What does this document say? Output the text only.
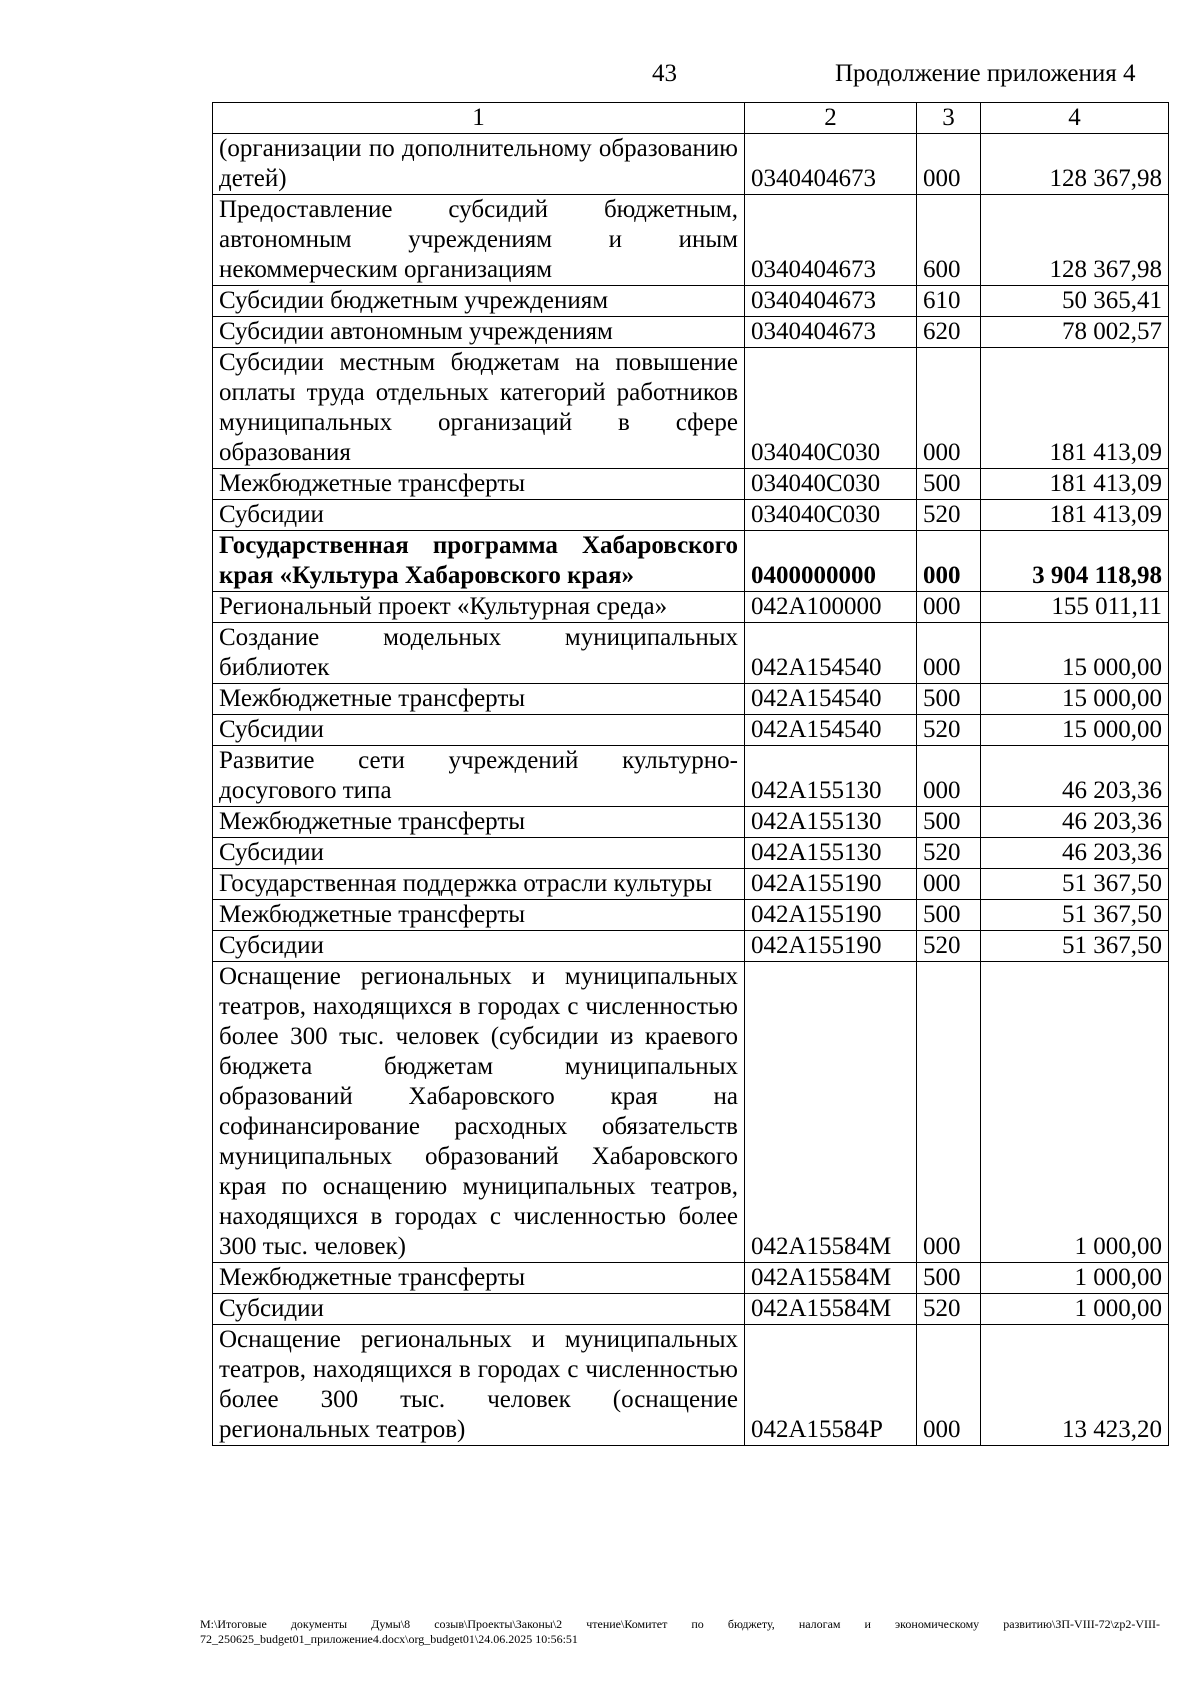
43	Продолжение приложения 4
1	2	3	4
(организации по дополнительному образованию детей)	0340404673	000	128 367,98
Предоставление субсидий бюджетным, автономным учреждениям и иным некоммерческим организациям	0340404673	600	128 367,98
Субсидии бюджетным учреждениям	0340404673	610	50 365,41
Субсидии автономным учреждениям	0340404673	620	78 002,57
Субсидии местным бюджетам на повышение оплаты труда отдельных категорий работников муниципальных организаций в сфере образования	034040С030	000	181 413,09
Межбюджетные трансферты	034040С030	500	181 413,09
Субсидии	034040С030	520	181 413,09
Государственная программа Хабаровского края «Культура Хабаровского края»	0400000000	000	3 904 118,98
Региональный проект «Культурная среда»	042А100000	000	155 011,11
Создание модельных муниципальных библиотек	042А154540	000	15 000,00
Межбюджетные трансферты	042А154540	500	15 000,00
Субсидии	042А154540	520	15 000,00
Развитие сети учреждений культурно-досугового типа	042А155130	000	46 203,36
Межбюджетные трансферты	042А155130	500	46 203,36
Субсидии	042А155130	520	46 203,36
Государственная поддержка отрасли культуры	042А155190	000	51 367,50
Межбюджетные трансферты	042А155190	500	51 367,50
Субсидии	042А155190	520	51 367,50
Оснащение региональных и муниципальных театров, находящихся в городах с численностью более 300 тыс. человек (субсидии из краевого бюджета бюджетам муниципальных образований Хабаровского края на софинансирование расходных обязательств муниципальных образований Хабаровского края по оснащению муниципальных театров, находящихся в городах с численностью более 300 тыс. человек)	042А15584М	000	1 000,00
Межбюджетные трансферты	042А15584М	500	1 000,00
Субсидии	042А15584М	520	1 000,00
Оснащение региональных и муниципальных театров, находящихся в городах с численностью более 300 тыс. человек (оснащение региональных театров)	042А15584Р	000	13 423,20
M:\Итоговые документы Думы\8 созыв\Проекты\Законы\2 чтение\Комитет по бюджету, налогам и экономическому развитию\ЗП-VIII-72\zp2-VIII-72_250625_budget01_приложение4.docx\org_budget01\24.06.2025 10:56:51
